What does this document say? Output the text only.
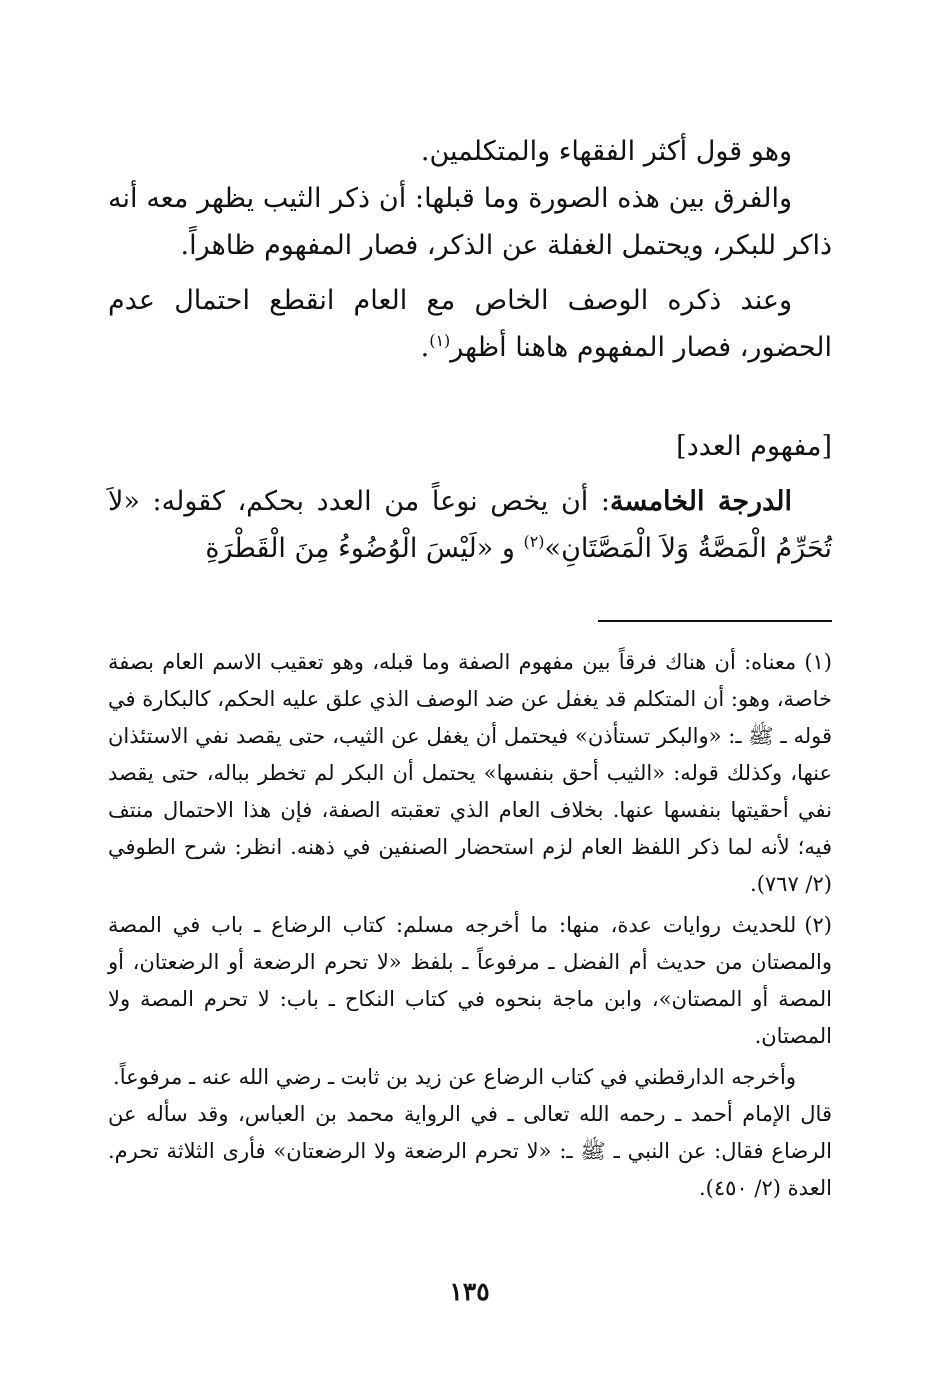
وهو قول أكثر الفقهاء والمتكلمين.

والفرق بين هذه الصورة وما قبلها: أن ذكر الثيب يظهر معه أنه ذاكر للبكر، ويحتمل الغفلة عن الذكر، فصار المفهوم ظاهراً.

وعند ذكره الوصف الخاص مع العام انقطع احتمال عدم الحضور، فصار المفهوم هاهنا أظهر$^{(١)}$.

[مفهوم العدد]

الدرجة الخامسة: أن يخص نوعاً من العدد بحكم، كقوله: «لاَ تُحَرِّمُ الْمَصَّةُ وَلاَ الْمَصَّتَانِ»$^{(٢)}$ و «لَيْسَ الْوُضُوءُ مِنَ الْقَطْرَةِ

(١)معناه: أن هناك فرقاً بين مفهوم الصفة وما قبله، وهو تعقيب الاسم العام بصفة خاصة، وهو: أن المتكلم قد يغفل عن ضد الوصف الذي علق عليه الحكم، كالبكارة في قوله ـ ﷺ ـ: «والبكر تستأذن» فيحتمل أن يغفل عن الثيب، حتى يقصد نفي الاستئذان عنها، وكذلك قوله: «الثيب أحق بنفسها» يحتمل أن البكر لم تخطر بباله، حتى يقصد نفي أحقيتها بنفسها عنها. بخلاف العام الذي تعقبته الصفة، فإن هذا الاحتمال منتف فيه؛ لأنه لما ذكر اللفظ العام لزم استحضار الصنفين في ذهنه. انظر: شرح الطوفي (٢/ ٧٦٧).

(٢)للحديث روايات عدة، منها: ما أخرجه مسلم: كتاب الرضاع ـ باب في المصة والمصتان من حديث أم الفضل ـ مرفوعاً ـ بلفظ «لا تحرم الرضعة أو الرضعتان، أو المصة أو المصتان»، وابن ماجة بنحوه في كتاب النكاح ـ باب: لا تحرم المصة ولا المصتان.

وأخرجه الدارقطني في كتاب الرضاع عن زيد بن ثابت ـ رضي الله عنه ـ مرفوعاً.

قال الإمام أحمد ـ رحمه الله تعالى ـ في الرواية محمد بن العباس، وقد سأله عن الرضاع فقال: عن النبي ـ ﷺ ـ: «لا تحرم الرضعة ولا الرضعتان» فأرى الثلاثة تحرم. العدة (٢/ ٤٥٠).

١٣٥
